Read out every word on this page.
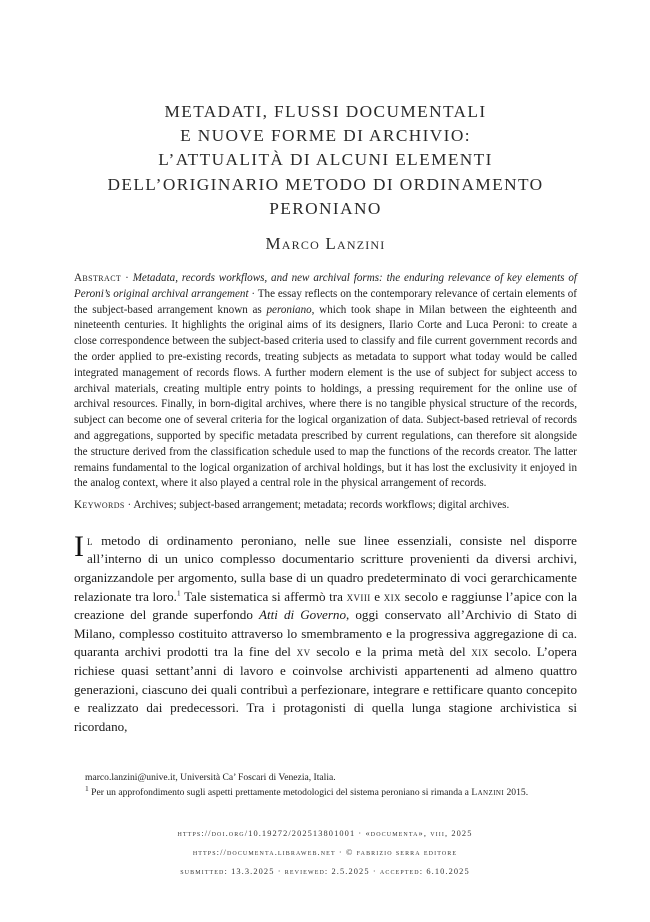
METADATI, FLUSSI DOCUMENTALI
E NUOVE FORME DI ARCHIVIO:
L’ATTUALITÀ DI ALCUNI ELEMENTI
DELL’ORIGINARIO METODO DI ORDINAMENTO
PERONIANO
Marco Lanzini
Abstract · Metadata, records workflows, and new archival forms: the enduring relevance of key elements of Peroni’s original archival arrangement · The essay reflects on the contemporary relevance of certain elements of the subject-based arrangement known as peroniano, which took shape in Milan between the eighteenth and nineteenth centuries. It highlights the original aims of its designers, Ilario Corte and Luca Peroni: to create a close correspondence between the subject-based criteria used to classify and file current government records and the order applied to pre-existing records, treating subjects as metadata to support what today would be called integrated management of records flows. A further modern element is the use of subject for subject access to archival materials, creating multiple entry points to holdings, a pressing requirement for the online use of archival resources. Finally, in born-digital archives, where there is no tangible physical structure of the records, subject can become one of several criteria for the logical organization of data. Subject-based retrieval of records and aggregations, supported by specific metadata prescribed by current regulations, can therefore sit alongside the structure derived from the classification schedule used to map the functions of the records creator. The latter remains fundamental to the logical organization of archival holdings, but it has lost the exclusivity it enjoyed in the analog context, where it also played a central role in the physical arrangement of records.
Keywords · Archives; subject-based arrangement; metadata; records workflows; digital archives.
Il metodo di ordinamento peroniano, nelle sue linee essenziali, consiste nel disporre all’interno di un unico complesso documentario scritture provenienti da diversi archivi, organizzandole per argomento, sulla base di un quadro predeterminato di voci gerarchicamente relazionate tra loro.$^1$ Tale sistematica si affermò tra xviii e xix secolo e raggiunse l’apice con la creazione del grande superfondo Atti di Governo, oggi conservato all’Archivio di Stato di Milano, complesso costituito attraverso lo smembramento e la progressiva aggregazione di ca. quaranta archivi prodotti tra la fine del xv secolo e la prima metà del xix secolo. L’opera richiese quasi settant’anni di lavoro e coinvolse archivisti appartenenti ad almeno quattro generazioni, ciascuno dei quali contribuì a perfezionare, integrare e rettificare quanto concepito e realizzato dai predecessori. Tra i protagonisti di quella lunga stagione archivistica si ricordano,
marco.lanzini@unive.it, Università Ca’ Foscari di Venezia, Italia.
$^1$ Per un approfondimento sugli aspetti prettamente metodologici del sistema peroniano si rimanda a Lanzini 2015.
https://doi.org/10.19272/202513801001 · «documenta», viii, 2025
https://documenta.libraweb.net · © fabrizio serra editore
submitted: 13.3.2025 · reviewed: 2.5.2025 · accepted: 6.10.2025
